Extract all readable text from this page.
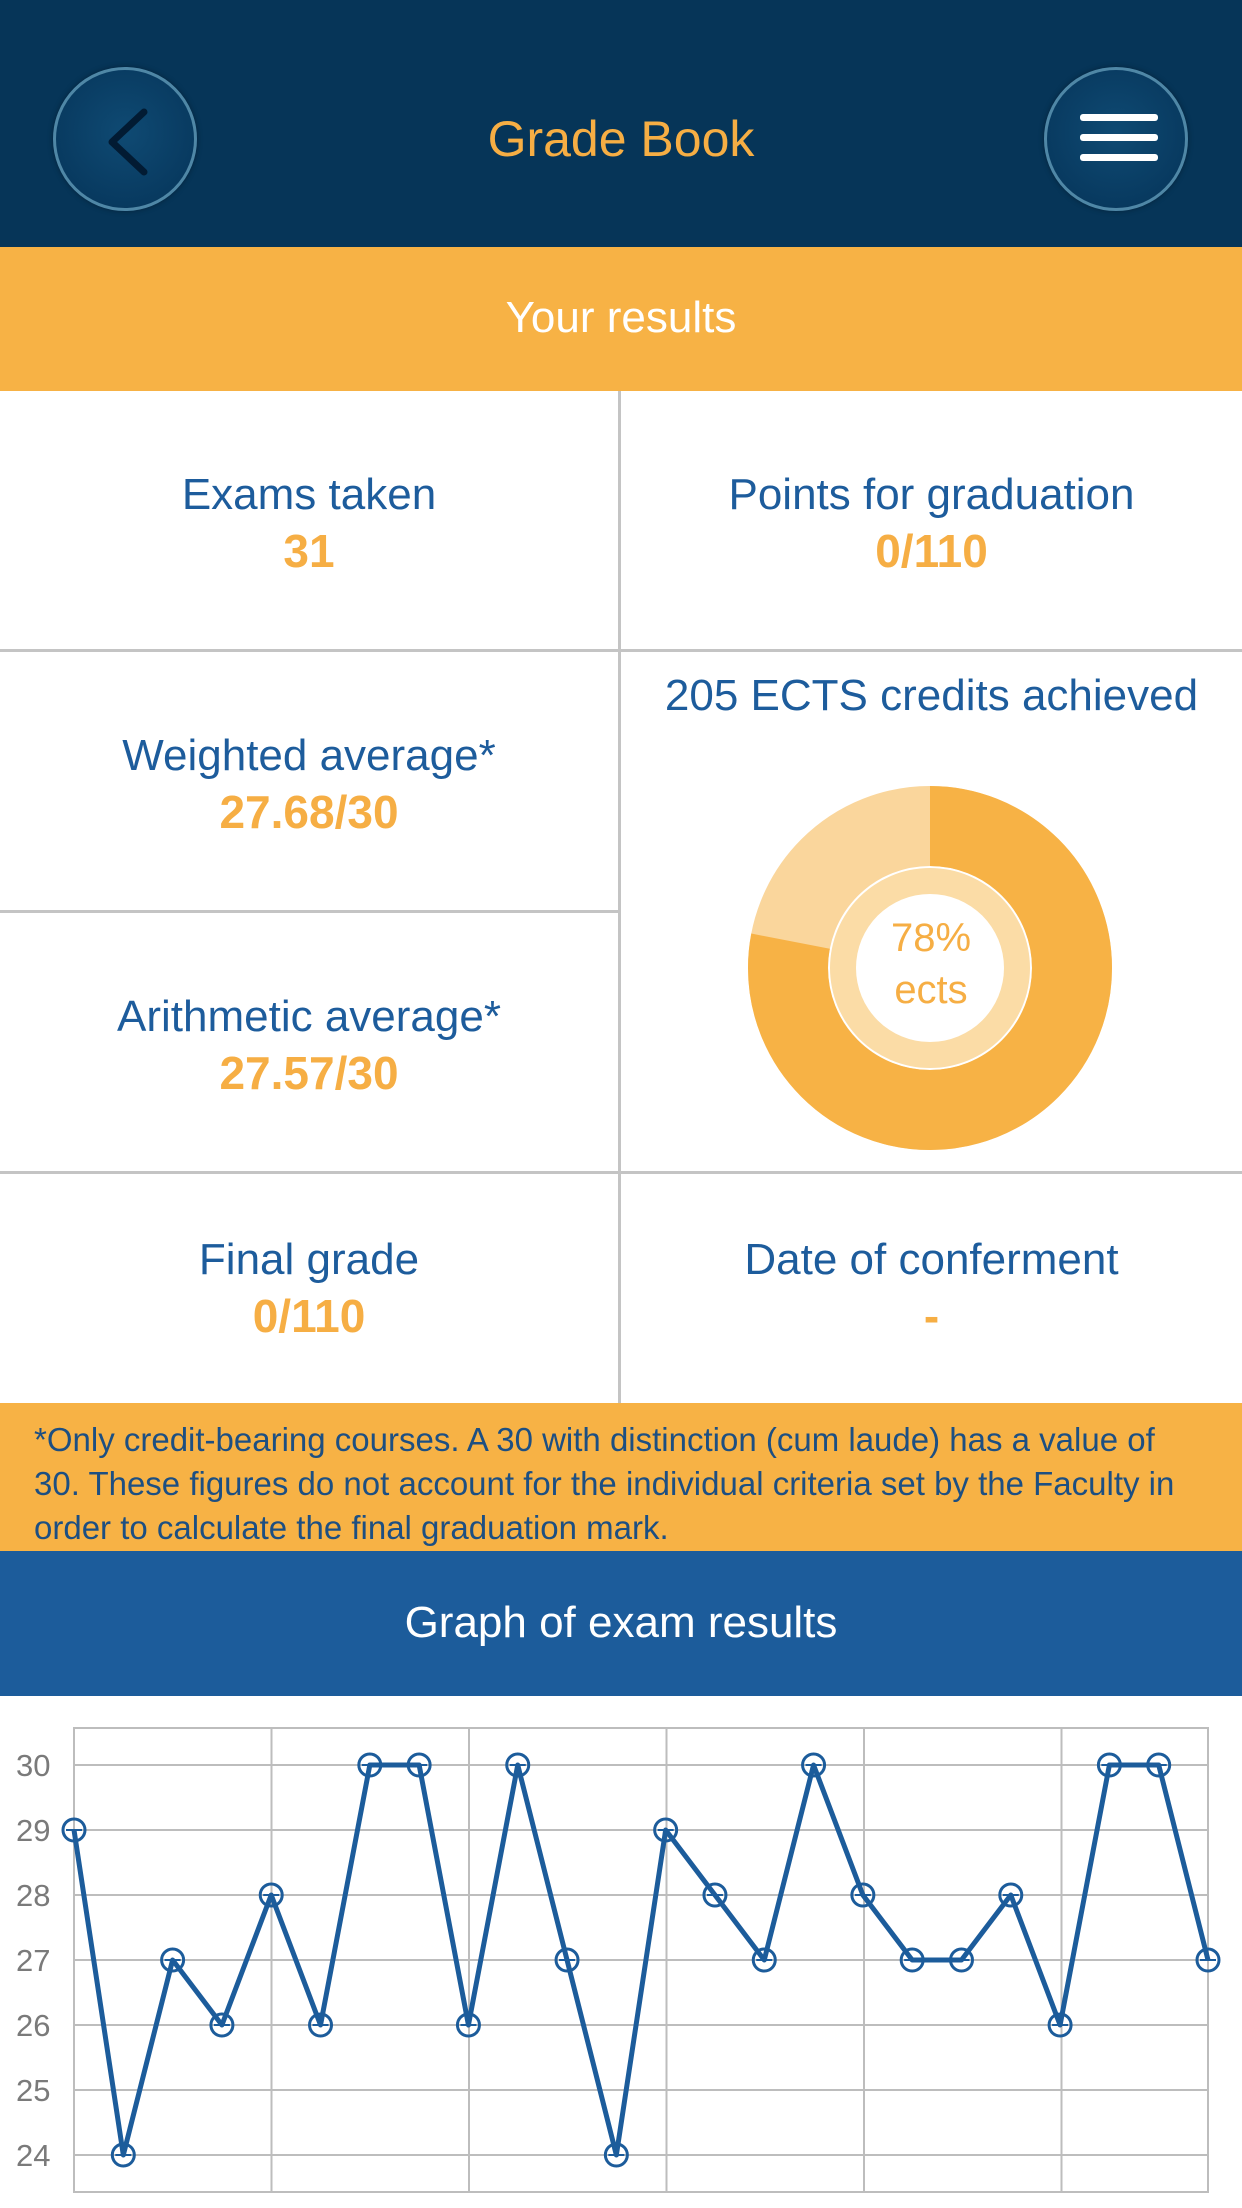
Grade Book
Your results
Exams taken
31
Points for graduation
0/110
Weighted average*
27.68/30
Arithmetic average*
27.57/30
Final grade
0/110
Date of conferment
-
205 ECTS credits achieved
78%
ects
*Only credit-bearing courses. A 30 with distinction (cum laude) has a value of 30. These figures do not account for the individual criteria set by the Faculty in order to calculate the final graduation mark.
Graph of exam results
24
25
26
27
28
29
30
